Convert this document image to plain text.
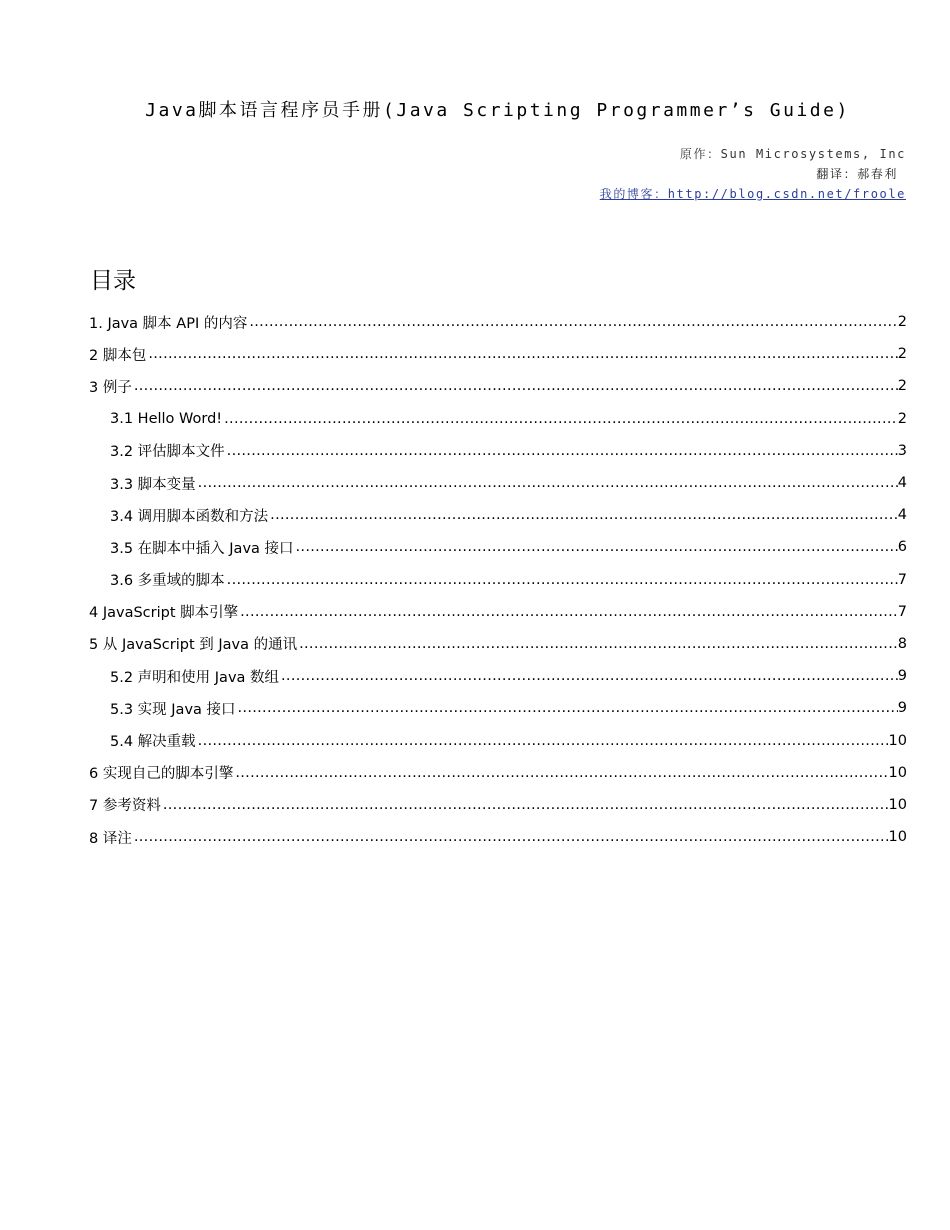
Java脚本语言程序员手册(Java Scripting Programmer’s Guide)
原作：Sun Microsystems, Inc
翻译：郝春利
我的博客：http://blog.csdn.net/froole
目录
1. Java 脚本 API 的内容 .....	2
2 脚本包 .....	2
3 例子 .....	2
3.1 Hello Word! .....	2
3.2 评估脚本文件 .....	3
3.3 脚本变量 .....	4
3.4 调用脚本函数和方法 .....	4
3.5 在脚本中插入 Java 接口 .....	6
3.6 多重域的脚本 .....	7
4 JavaScript 脚本引擎 .....	7
5 从 JavaScript 到 Java 的通讯 .....	8
5.2 声明和使用 Java 数组 .....	9
5.3 实现 Java 接口 .....	9
5.4 解决重载 .....	10
6 实现自己的脚本引擎 .....	10
7 参考资料 .....	10
8 译注 .....	10
